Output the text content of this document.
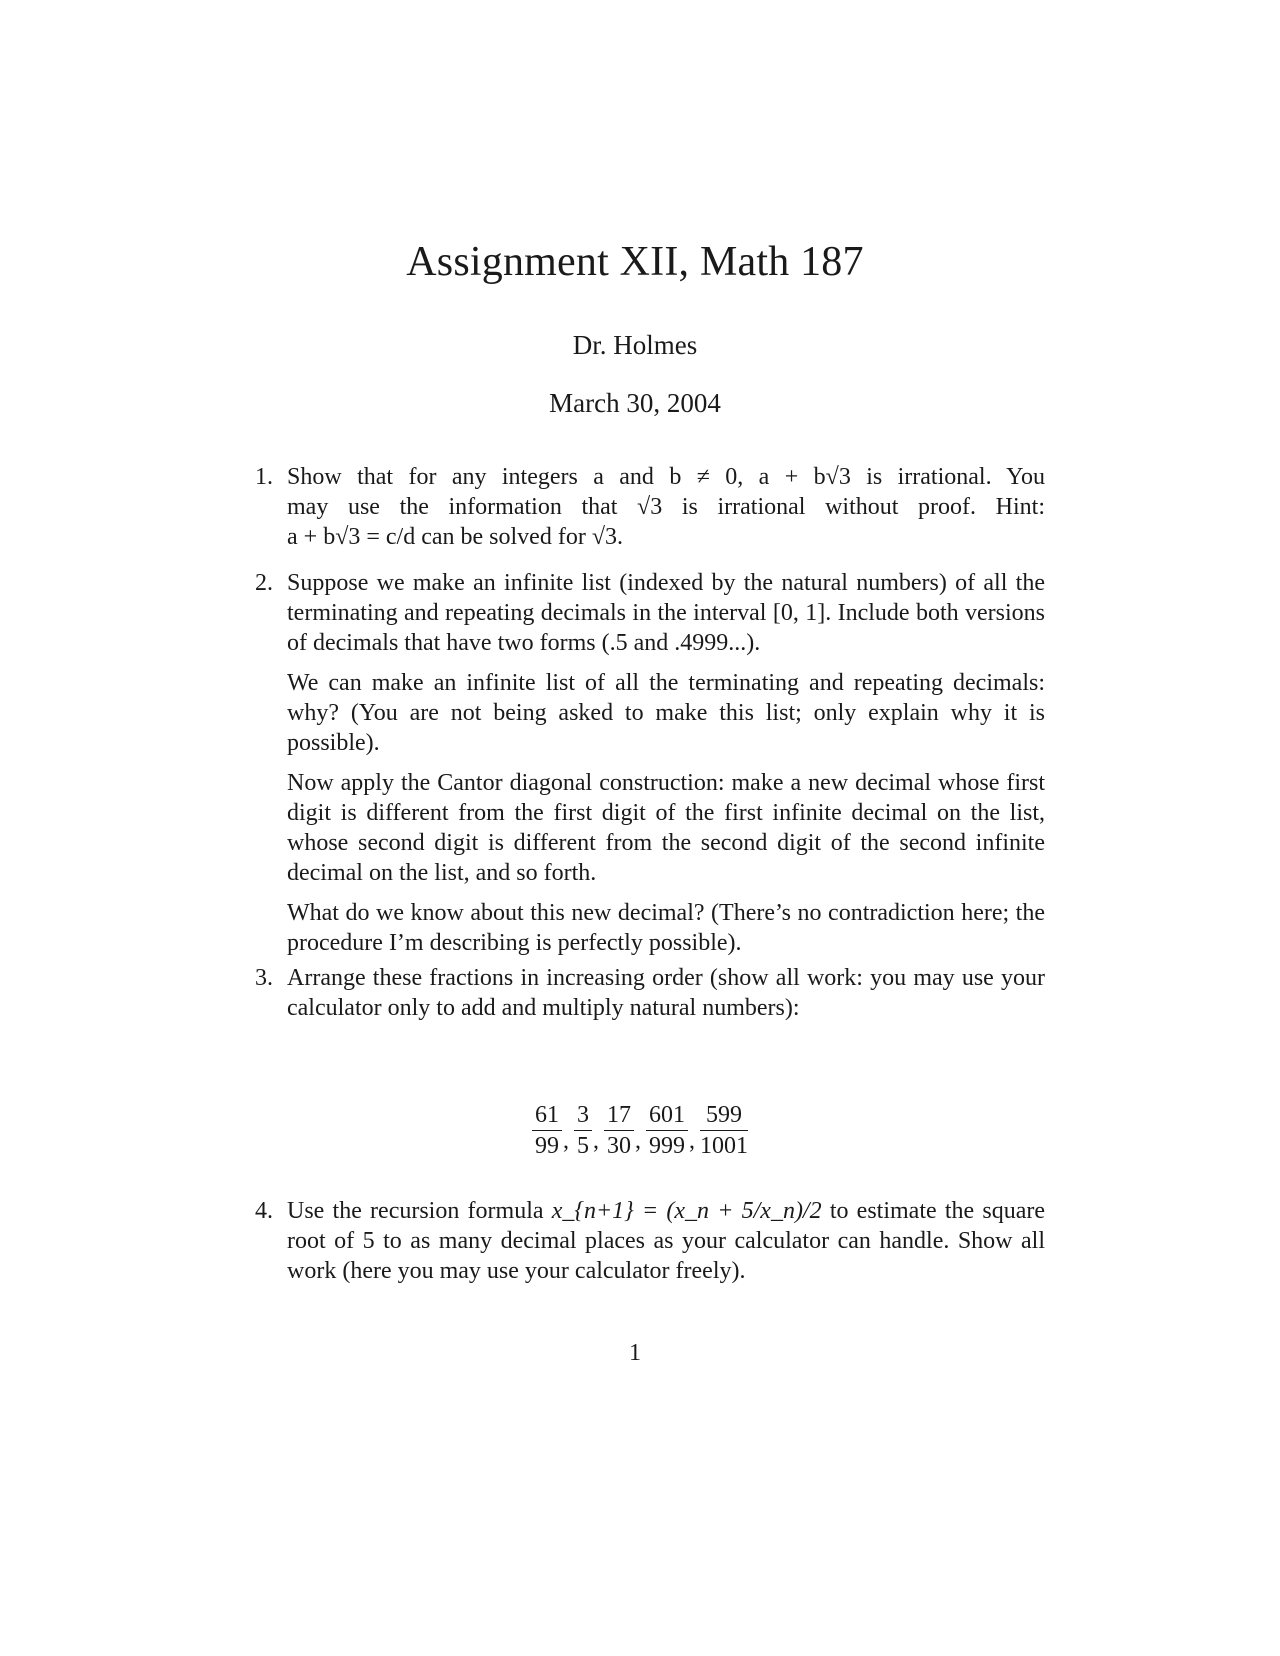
Assignment XII, Math 187
Dr. Holmes
March 30, 2004
1. Show that for any integers a and b ≠ 0, a + b√3 is irrational. You
may use the information that √3 is irrational without proof. Hint:
a + b√3 = c/d can be solved for √3.
2. Suppose we make an infinite list (indexed by the natural numbers) of all the terminating and repeating decimals in the interval [0, 1]. Include both versions of decimals that have two forms (.5 and .4999...).

We can make an infinite list of all the terminating and repeating decimals: why? (You are not being asked to make this list; only explain why it is possible).

Now apply the Cantor diagonal construction: make a new decimal whose first digit is different from the first digit of the first infinite decimal on the list, whose second digit is different from the second digit of the second infinite decimal on the list, and so forth.

What do we know about this new decimal? (There’s no contradiction here; the procedure I’m describing is perfectly possible).

3. Arrange these fractions in increasing order (show all work: you may use your calculator only to add and multiply natural numbers):

$\frac{61}{99}$ , $\frac{3}{5}$ , $\frac{17}{30}$ , $\frac{601}{999}$ , $\frac{599}{1001}$
4. Use the recursion formula x_{n+1} = (x_n + 5/x_n)/2 to estimate the square root of 5 to as many decimal places as your calculator can handle. Show all work (here you may use your calculator freely).

1
